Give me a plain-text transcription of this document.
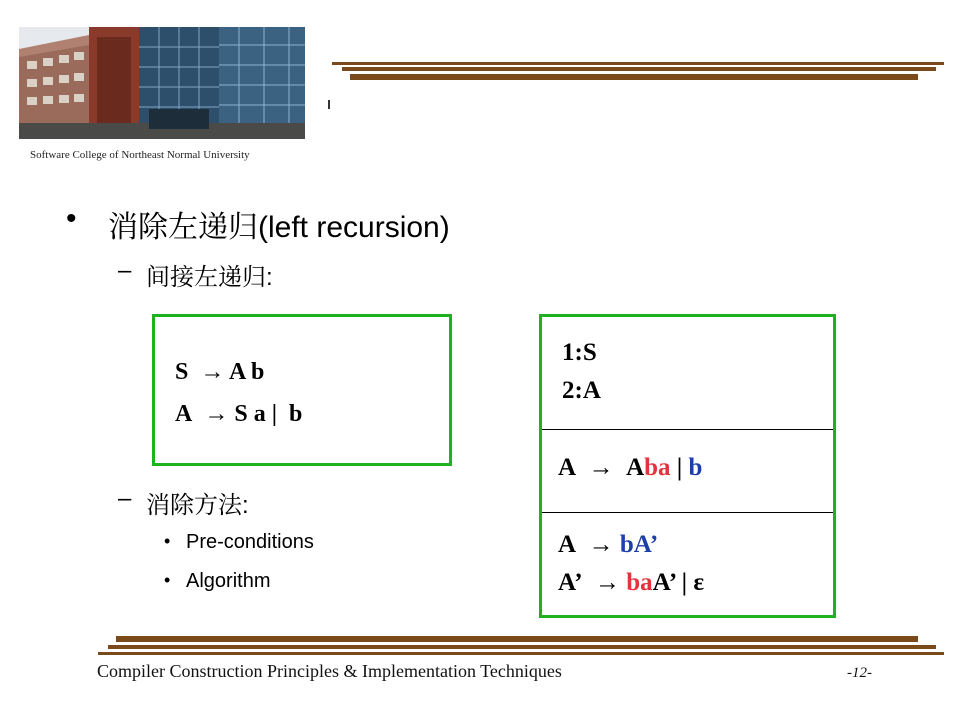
Software College of Northeast Normal University
• 消除左递归(left recursion)
– 间接左递归:
– 消除方法:
• Pre-conditions
• Algorithm
S  → A b
A  → S a |  b
1:S
2:A
A  →  Aba | b
A  → bA’
A’  → baA’ | ε
Compiler Construction Principles & Implementation Techniques	-12-
